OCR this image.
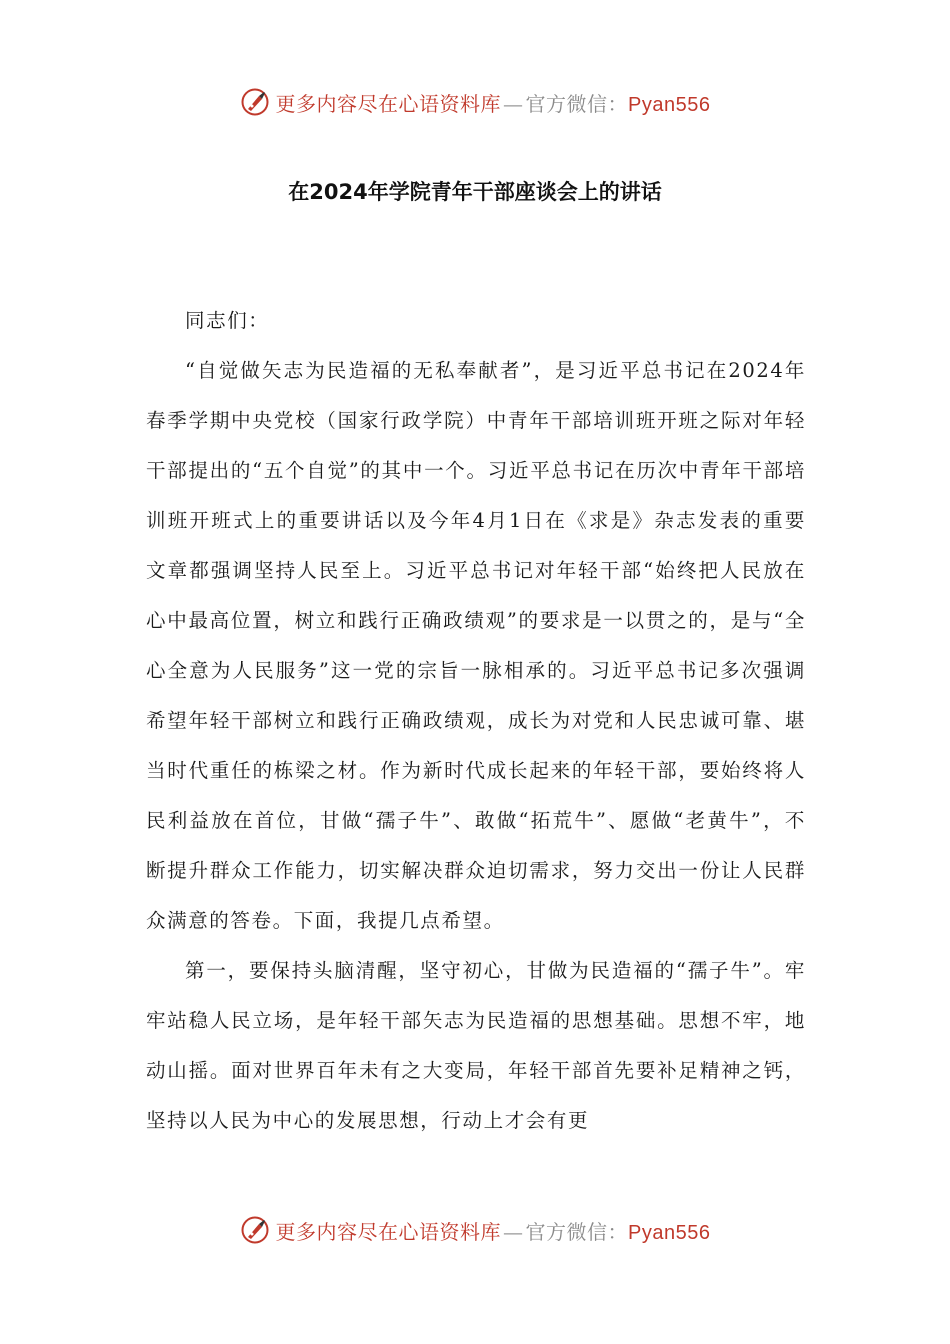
更多内容尽在心语资料库 — 官方微信：Pyan556
在2024年学院青年干部座谈会上的讲话

同志们：

“自觉做矢志为民造福的无私奉献者”，是习近平总书记在2024年春季学期中央党校（国家行政学院）中青年干部培训班开班之际对年轻干部提出的“五个自觉”的其中一个。习近平总书记在历次中青年干部培训班开班式上的重要讲话以及今年4月1日在《求是》杂志发表的重要文章都强调坚持人民至上。习近平总书记对年轻干部“始终把人民放在心中最高位置，树立和践行正确政绩观”的要求是一以贯之的，是与“全心全意为人民服务”这一党的宗旨一脉相承的。习近平总书记多次强调希望年轻干部树立和践行正确政绩观，成长为对党和人民忠诚可靠、堪当时代重任的栋梁之材。作为新时代成长起来的年轻干部，要始终将人民利益放在首位，甘做“孺子牛”、敢做“拓荒牛”、愿做“老黄牛”，不断提升群众工作能力，切实解决群众迫切需求，努力交出一份让人民群众满意的答卷。下面，我提几点希望。

第一，要保持头脑清醒，坚守初心，甘做为民造福的“孺子牛”。牢牢站稳人民立场，是年轻干部矢志为民造福的思想基础。思想不牢，地动山摇。面对世界百年未有之大变局，年轻干部首先要补足精神之钙，坚持以人民为中心的发展思想，行动上才会有更

更多内容尽在心语资料库 — 官方微信：Pyan556
